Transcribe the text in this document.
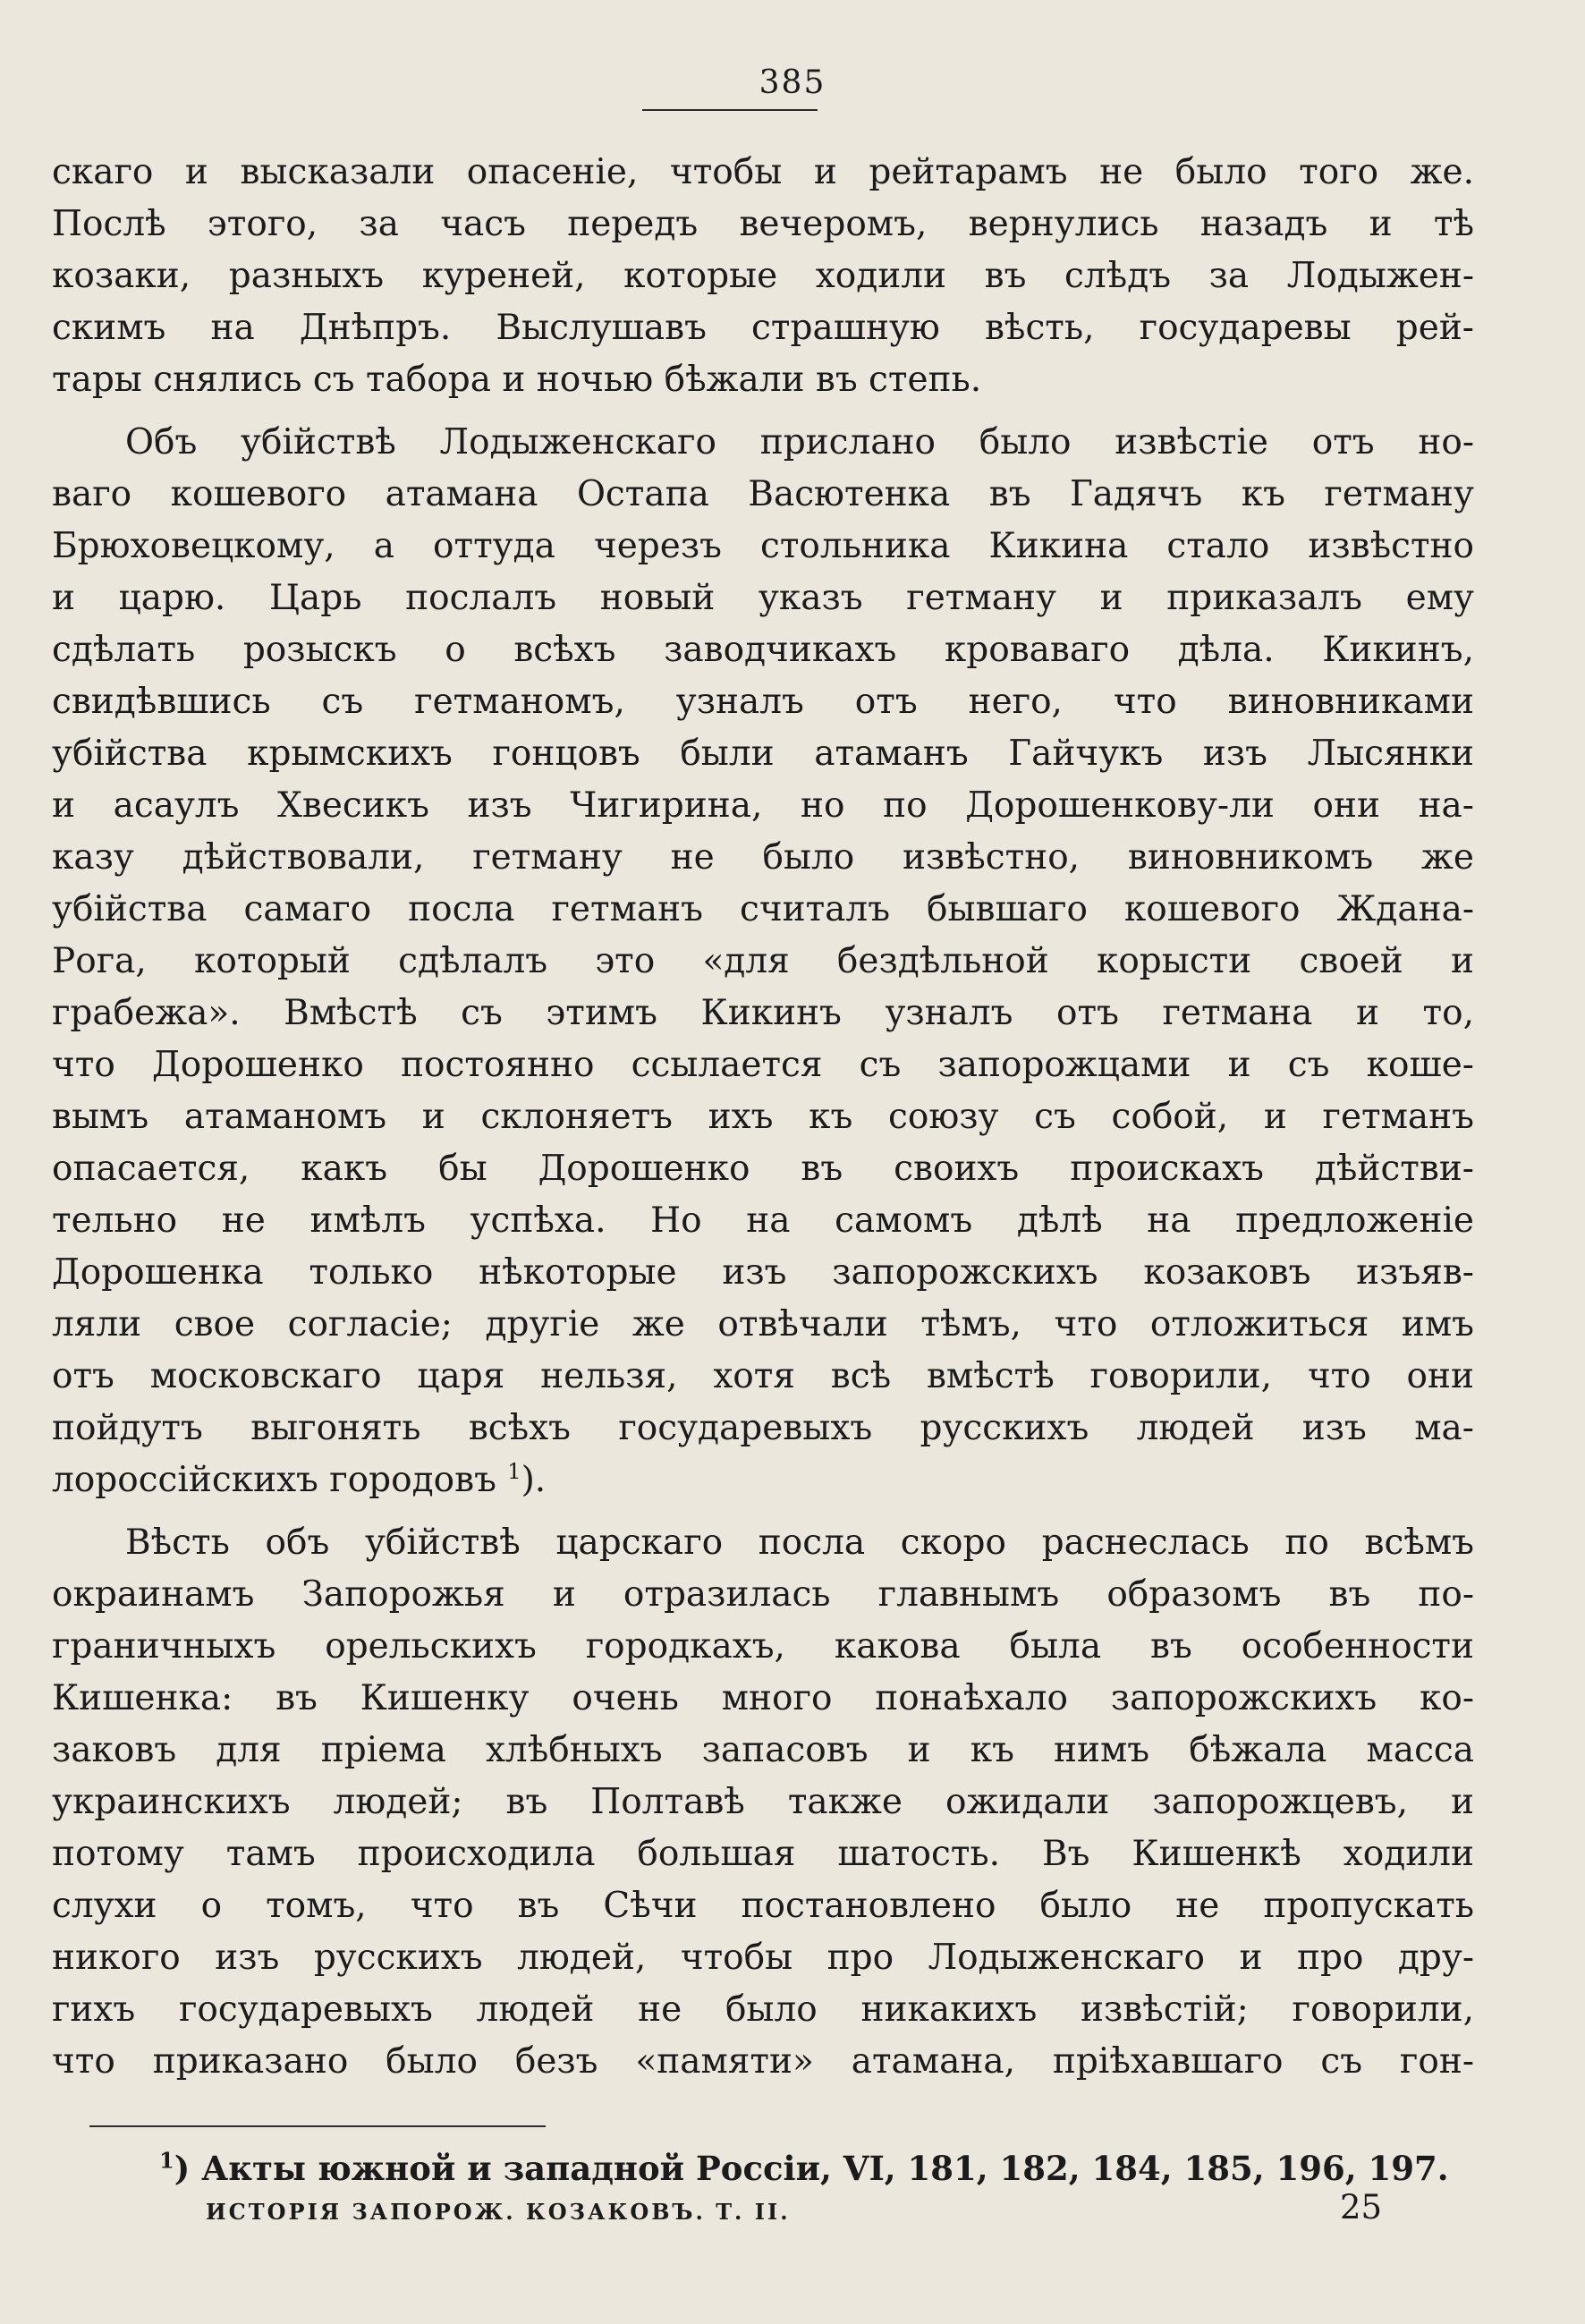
385
скаго и высказали опасеніе, чтобы и рейтарамъ не было того же.
Послѣ этого, за часъ передъ вечеромъ, вернулись назадъ и тѣ
козаки, разныхъ куреней, которые ходили въ слѣдъ за Лодыжен-
скимъ на Днѣпръ. Выслушавъ страшную вѣсть, государевы рей-
тары снялись съ табора и ночью бѣжали въ степь.
Объ убійствѣ Лодыженскаго прислано было извѣстіе отъ но-
ваго кошевого атамана Остапа Васютенка въ Гадячъ къ гетману
Брюховецкому, а оттуда черезъ стольника Кикина стало извѣстно
и царю. Царь послалъ новый указъ гетману и приказалъ ему
сдѣлать розыскъ о всѣхъ заводчикахъ кроваваго дѣла. Кикинъ,
свидѣвшись съ гетманомъ, узналъ отъ него, что виновниками
убійства крымскихъ гонцовъ были атаманъ Гайчукъ изъ Лысянки
и асаулъ Хвесикъ изъ Чигирина, но по Дорошенкову-ли они на-
казу дѣйствовали, гетману не было извѣстно, виновникомъ же
убійства самаго посла гетманъ считалъ бывшаго кошевого Ждана-
Рога, который сдѣлалъ это «для бездѣльной корысти своей и
грабежа». Вмѣстѣ съ этимъ Кикинъ узналъ отъ гетмана и то,
что Дорошенко постоянно ссылается съ запорожцами и съ коше-
вымъ атаманомъ и склоняетъ ихъ къ союзу съ собой, и гетманъ
опасается, какъ бы Дорошенко въ своихъ проискахъ дѣйстви-
тельно не имѣлъ успѣха. Но на самомъ дѣлѣ на предложеніе
Дорошенка только нѣкоторые изъ запорожскихъ козаковъ изъяв-
ляли свое согласіе; другіе же отвѣчали тѣмъ, что отложиться имъ
отъ московскаго царя нельзя, хотя всѣ вмѣстѣ говорили, что они
пойдутъ выгонять всѣхъ государевыхъ русскихъ людей изъ ма-
лороссійскихъ городовъ $^1$).
Вѣсть объ убійствѣ царскаго посла скоро раснеслась по всѣмъ
окраинамъ Запорожья и отразилась главнымъ образомъ въ по-
граничныхъ орельскихъ городкахъ, какова была въ особенности
Кишенка: въ Кишенку очень много понаѣхало запорожскихъ ко-
заковъ для пріема хлѣбныхъ запасовъ и къ нимъ бѣжала масса
украинскихъ людей; въ Полтавѣ также ожидали запорожцевъ, и
потому тамъ происходила большая шатость. Въ Кишенкѣ ходили
слухи о томъ, что въ Сѣчи постановлено было не пропускать
никого изъ русскихъ людей, чтобы про Лодыженскаго и про дру-
гихъ государевыхъ людей не было никакихъ извѣстій; говорили,
что приказано было безъ «памяти» атамана, пріѣхавшаго съ гон-
$^1$) Акты южной и западной Россіи, VI, 181, 182, 184, 185, 196, 197.
ИСТОРІЯ ЗАПОРОЖ. КОЗАКОВЪ. Т. II.	25
